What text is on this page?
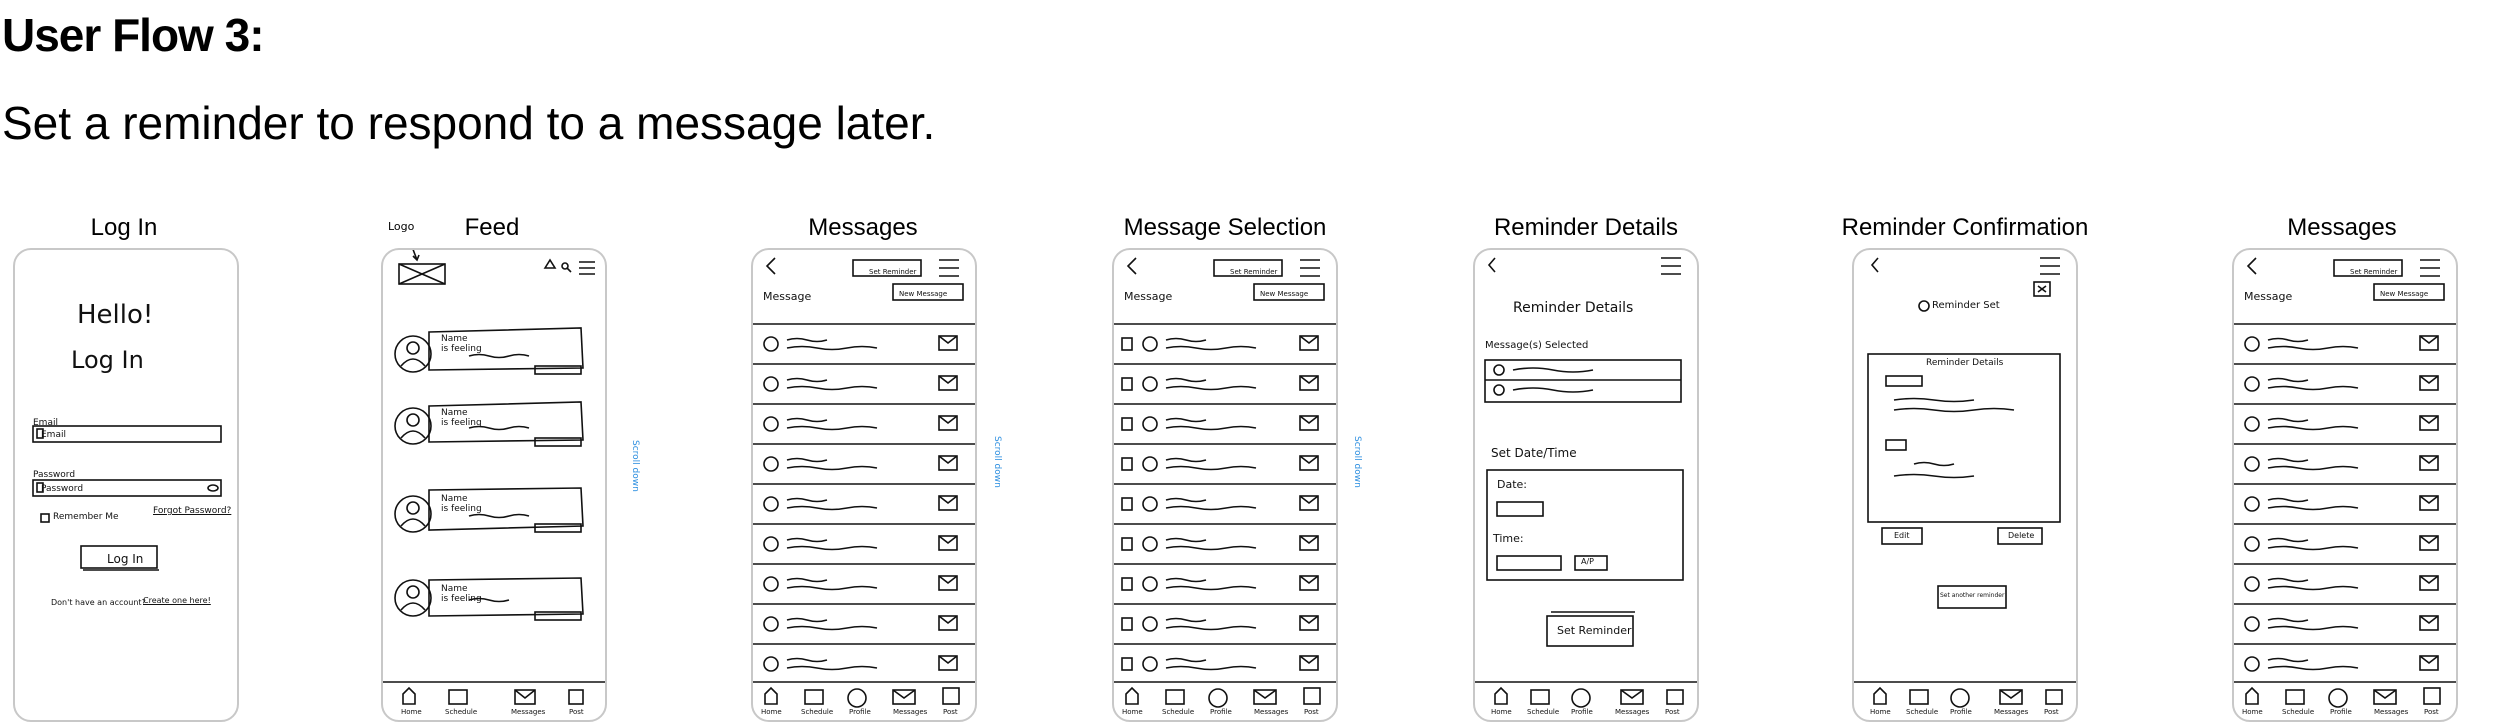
User Flow 3:
Set a reminder to respond to a message later.
Log In	Feed	Messages	Message Selection	Reminder Details	Reminder Confirmation	Messages
Logo
Hello!
Log In
Email
Email
Password
Password
Remember Me
Forgot Password?
Log In
Don't have an account?
Create one here!
Name
is feeling
Name
is feeling
Name
is feeling
Name
is feeling
Home	Schedule	Messages	Post
Scroll down
Set Reminder
Message	New Message
Home	Schedule Profile	Messages Post
Scroll down
Set Reminder
Message	New Message
Home	Schedule Profile	Messages Post
Scroll down
Reminder Details
Message(s) Selected
Set Date/Time
Date:
Time:
A/P
Set Reminder
Home Schedule Profile	Messages Post
Reminder Set
Reminder Details
Edit	Delete
Set another reminder
Home Schedule Profile	Messages Post
Set Reminder
Message	New Message
Home	Schedule Profile	Messages Post
